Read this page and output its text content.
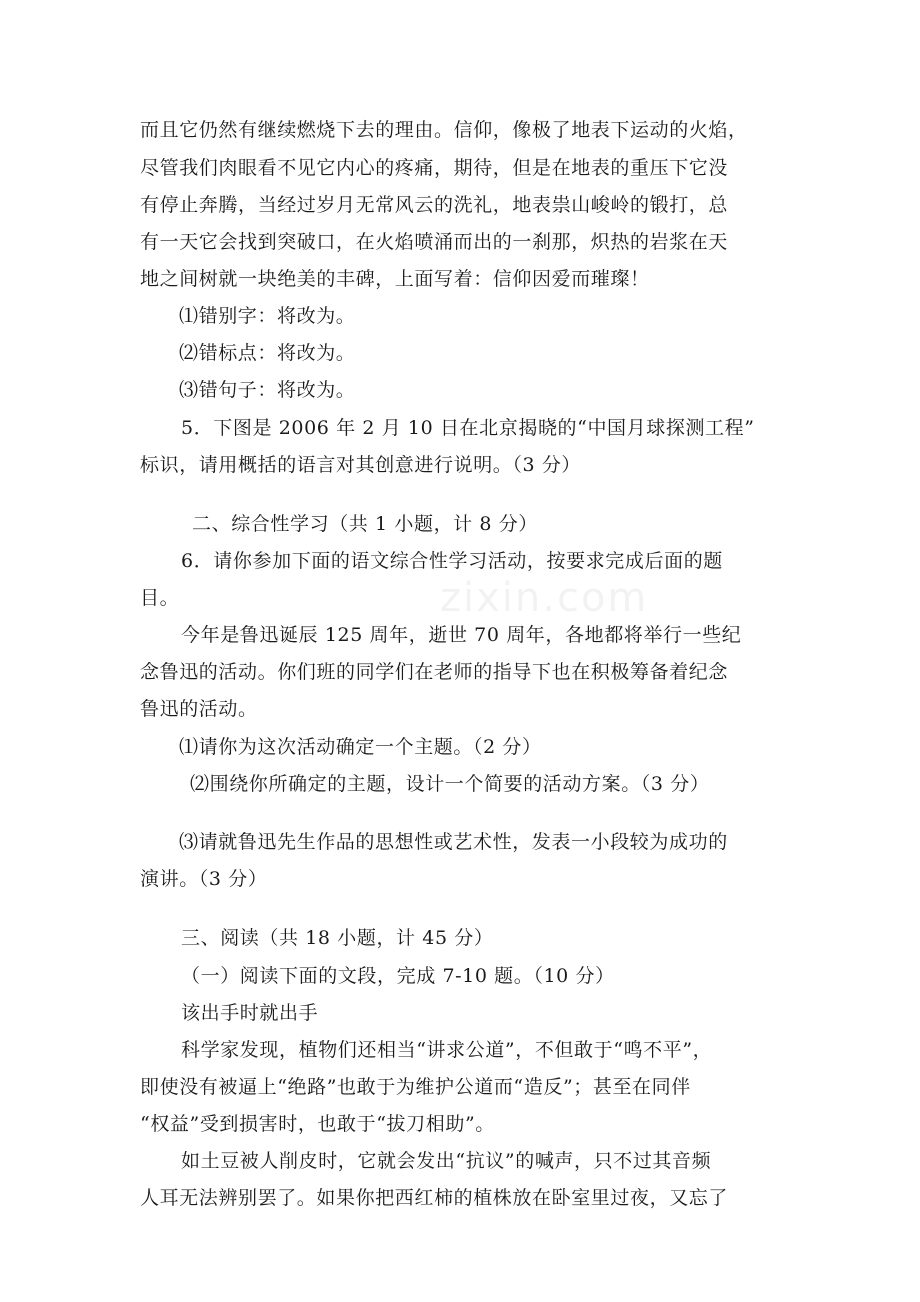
zixin.com
而且它仍然有继续燃烧下去的理由。信仰，像极了地表下运动的火焰，
尽管我们肉眼看不见它内心的疼痛，期待，但是在地表的重压下它没
有停止奔腾，当经过岁月无常风云的洗礼，地表祟山峻岭的锻打，总
有一天它会找到突破口，在火焰喷涌而出的一刹那，炽热的岩浆在天
地之间树就一块绝美的丰碑，上面写着：信仰因爱而璀璨！
⑴错别字：将改为。
⑵错标点：将改为。
⑶错句子：将改为。
5．下图是 2006 年 2 月 10 日在北京揭晓的“中国月球探测工程”
标识，请用概括的语言对其创意进行说明。（3 分）
二、综合性学习（共 1 小题，计 8 分）
6．请你参加下面的语文综合性学习活动，按要求完成后面的题
目。
今年是鲁迅诞辰 125 周年，逝世 70 周年，各地都将举行一些纪
念鲁迅的活动。你们班的同学们在老师的指导下也在积极筹备着纪念
鲁迅的活动。
⑴请你为这次活动确定一个主题。（2 分）
⑵围绕你所确定的主题，设计一个简要的活动方案。（3 分）
⑶请就鲁迅先生作品的思想性或艺术性，发表一小段较为成功的
演讲。（3 分）
三、阅读（共 18 小题，计 45 分）
（一）阅读下面的文段，完成 7-10 题。（10 分）
该出手时就出手
科学家发现，植物们还相当“讲求公道”，不但敢于“鸣不平”，
即使没有被逼上“绝路”也敢于为维护公道而“造反”；甚至在同伴
“权益”受到损害时，也敢于“拔刀相助”。
如土豆被人削皮时，它就会发出“抗议”的喊声，只不过其音频
人耳无法辨别罢了。如果你把西红柿的植株放在卧室里过夜，又忘了
